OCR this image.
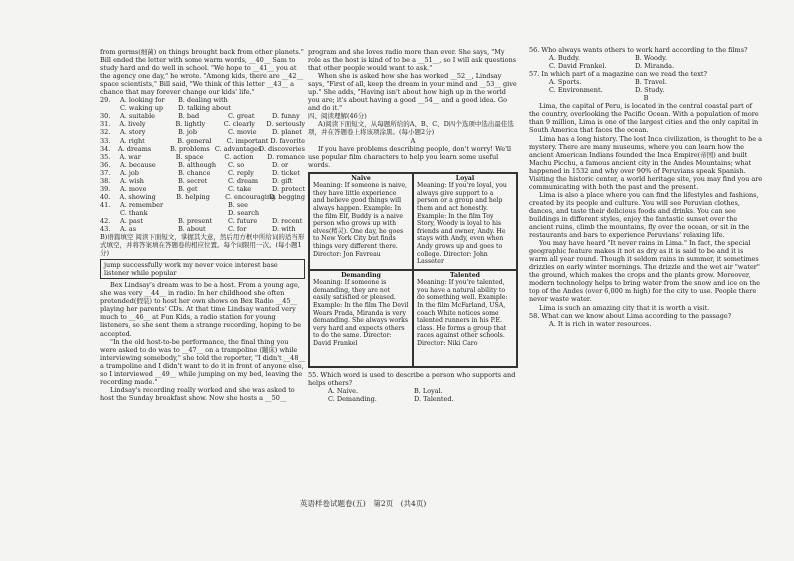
from germs(细菌) on things brought back from other planets." Bill ended the letter with some warm words, __40__ Sam to study hard and do well in school. "We hope to __41__ you at the agency one day," he wrote. "Among kids, there are __42__ space scientists," Bill said, "We think of this letter __43__ a chance that may forever change our kids' life."

29.	A. looking for	B. dealing with
C. waking up	D. talking about
30.	A. suitable	B. bad	C. great	D. funny
31.	A. lively	B. lightly	C. clearly	D. seriously
32.	A. story	B. job	C. movie	D. planet
33.	A. right	B. general	C. important D. favorite
34.	A. dreams	B. problems C. advantages
D. discoveries
35.	A. war	B. space	C. action	D. romance
36.	A. because	B. although	C. so	D. or
37.	A. job	B. chance	C. reply	D. ticket
38.	A. wish	B. secret	C. dream	D. gift
39.	A. move	B. get	C. take	D. protect
40.	A. showing	B. helping	C. encouraging
D. begging
41.	A. remember	B. see
C. thank	D. search
42.	A. past	B. present	C. future	D. recent
43.	A. as	B. about	C. for	D. with

B)语篇填空 阅读下面短文，掌握其大意，然后用方框中所给词的适当形式填空，并将答案填在答题卷的相应位置。每个词限用一次。(每小题1分)

jump successfully work my never voice interest base listener while popular

Bex Lindsay's dream was to be a host. From a young age, she was very __44__ in radio. In her childhood she often pretended(假装) to host her own shows on Bex Radio __45__ playing her parents' CDs. At that time Lindsay wanted very much to __46__ at Fun Kids, a radio station for young listeners, so she sent them a strange recording, hoping to be accepted.

"In the old host-to-be performance, the final thing you were asked to do was to __47__ on a trampoline (蹦床) while interviewing somebody," she told the reporter, "I didn't __48__ a trampoline and I didn't want to do it in front of anyone else, so I interviewed __49__ while jumping on my bed, leaving the recording made."

Lindsay's recording really worked and she was asked to host the Sunday breakfast show. Now she hosts a __50__

program and she loves radio more than ever. She says, "My role as the host is kind of to be a __51__, so I will ask questions that other people would want to ask."

When she is asked how she has worked __52__, Lindsay says, "First of all, keep the dream in your mind and __53__ give up." She adds, "Having isn't about how high up in the world you are; it's about having a good __54__ and a good idea. Go and do it."

四、阅读理解(46分)

A)阅读下面短文，从每题所给的A、B、C、D四个选项中选出最佳选项，并在答题卷上将该项涂黑。(每小题2分)

A

If you have problems describing people, don't worry! We'll use popular film characters to help you learn some useful words.

Naive
Meaning: If someone is naive, they have little experience and believe good things will always happen. Example: In the film Elf, Buddy is a naive person who grows up with elves(精灵). One day, he goes to New York City but finds things very different there. Director: Jon Favreau
Loyal
Meaning: If you're loyal, you always give support to a person or a group and help them and act honestly. Example: In the film Toy Story, Woody is loyal to his friends and owner, Andy. He stays with Andy, even when Andy grows up and goes to college. Director: John Lasseter
Demanding
Meaning: If someone is demanding, they are not easily satisfied or pleased. Example: In the film The Devil Wears Prada, Miranda is very demanding. She always works very hard and expects others to do the same. Director: David Frankel
Talented
Meaning: If you're talented, you have a natural ability to do something well. Example: In the film McFarland, USA, coach White notices some talented runners in his P.E. class. He forms a group that races against other schools. Director: Niki Caro

55. Which word is used to describe a person who supports and helps others?

A. Naive.	B. Loyal.
C. Demanding.	D. Talented.

56. Who always wants others to work hard according to the films?

A. Buddy.	B. Woody.
C. David Frankel.	D. Miranda.

57. In which part of a magazine can we read the text?

A. Sports.	B. Travel.
C. Environment.	D. Study.

B

Lima, the capital of Peru, is located in the central coastal part of the country, overlooking the Pacific Ocean. With a population of more than 9 million, Lima is one of the largest cities and the only capital in South America that faces the ocean.

Lima has a long history. The lost Inca civilization, is thought to be a mystery. There are many museums, where you can learn how the ancient American Indians founded the Inca Empire(帝国) and built Machu Picchu, a famous ancient city in the Andes Mountains; what happened in 1532 and why over 90% of Peruvians speak Spanish. Visiting the historic center, a world heritage site, you may find you are communicating with both the past and the present.

Lima is also a place where you can find the lifestyles and fashions, created by its people and culture. You will see Peruvian clothes, dances, and taste their delicious foods and drinks. You can see buildings in different styles, enjoy the fantastic sunset over the ancient ruins, climb the mountains, fly over the ocean, or sit in the restaurants and bars to experience Peruvians' relaxing life.

You may have heard "It never rains in Lima." In fact, the special geographic feature makes it not as dry as it is said to be and it is warm all year round. Though it seldom rains in summer, it sometimes drizzles on early winter mornings. The drizzle and the wet air "water" the ground, which makes the crops and the plants grow. Moreover, modern technology helps to bring water from the snow and ice on the top of the Andes (over 6,000 m high) for the city to use. People there never waste water.

Lima is such an amazing city that it is worth a visit.

58. What can we know about Lima according to the passage?

A. It is rich in water resources.

英语样卷试题卷(五)　第2页　(共4页)
